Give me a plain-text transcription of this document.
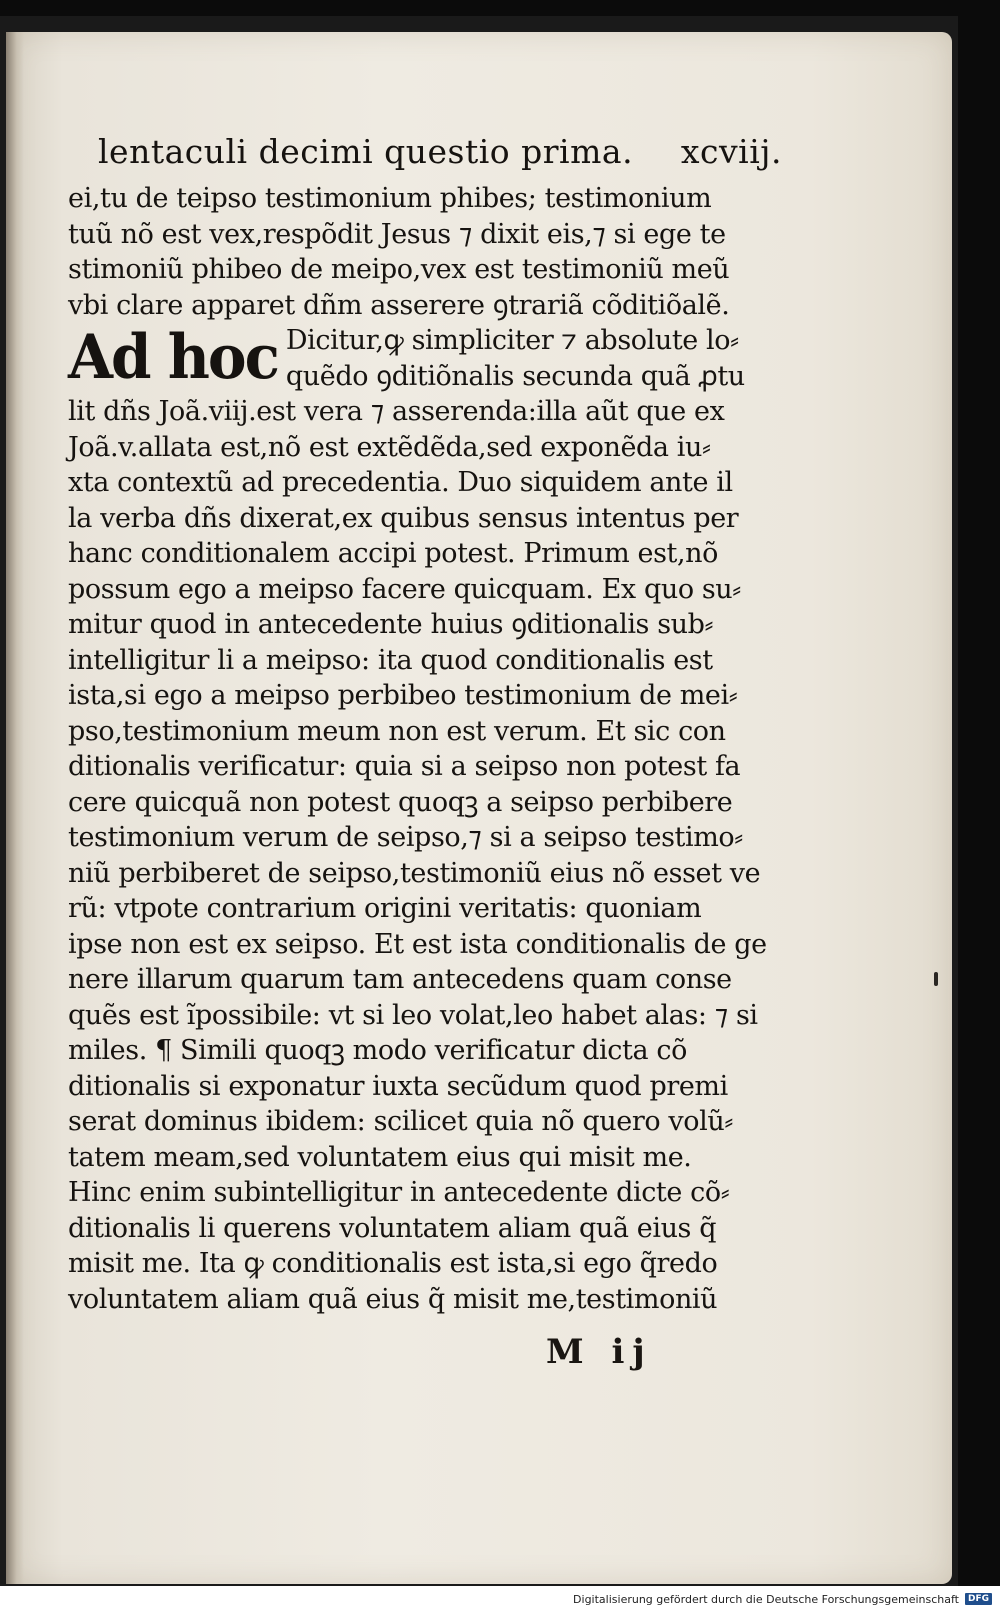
lentaculi decimi questio prima. xcviij.
ei,tu de teipso testimonium phibes; testimonium
tuũ nõ est vex,respõdit Jesus ⁊ dixit eis,⁊ si ege te
stimoniũ phibeo de meipo,vex est testimoniũ meũ
vbi clare apparet dñm asserere ꝯtrariã cõditiõalẽ.
Ad hoc Dicitur,ꝙ simpliciter ⁊ absolute lo⸗
quẽdo ꝯditiõnalis secunda quã ꝓtu
lit dñs Joã.viij.est vera ⁊ asserenda:illa aũt que ex
Joã.v.allata est,nõ est extẽdẽda,sed exponẽda iu⸗
xta contextũ ad precedentia. Duo siquidem ante il
la verba dñs dixerat,ex quibus sensus intentus per
hanc conditionalem accipi potest. Primum est,nõ
possum ego a meipso facere quicquam. Ex quo su⸗
mitur quod in antecedente huius ꝯditionalis sub⸗
intelligitur li a meipso: ita quod conditionalis est
ista,si ego a meipso perbibeo testimonium de mei⸗
pso,testimonium meum non est verum. Et sic con
ditionalis verificatur: quia si a seipso non potest fa
cere quicquã non potest quoqꝫ a seipso perbibere
testimonium verum de seipso,⁊ si a seipso testimo⸗
niũ perbiberet de seipso,testimoniũ eius nõ esset ve
rũ: vtpote contrarium origini veritatis: quoniam
ipse non est ex seipso. Et est ista conditionalis de ge
nere illarum quarum tam antecedens quam conse
quẽs est ĩpossibile: vt si leo volat,leo habet alas: ⁊ si
miles. ¶ Simili quoqꝫ modo verificatur dicta cõ
ditionalis si exponatur iuxta secũdum quod premi
serat dominus ibidem: scilicet quia nõ quero volũ⸗
tatem meam,sed voluntatem eius qui misit me.
Hinc enim subintelligitur in antecedente dicte cõ⸗
ditionalis li querens voluntatem aliam quã eius q̃
misit me. Ita ꝙ conditionalis est ista,si ego q̃redo
voluntatem aliam quã eius q̃ misit me,testimoniũ
M ij
Digitalisierung gefördert durch die Deutsche Forschungsgemeinschaft	DFG
